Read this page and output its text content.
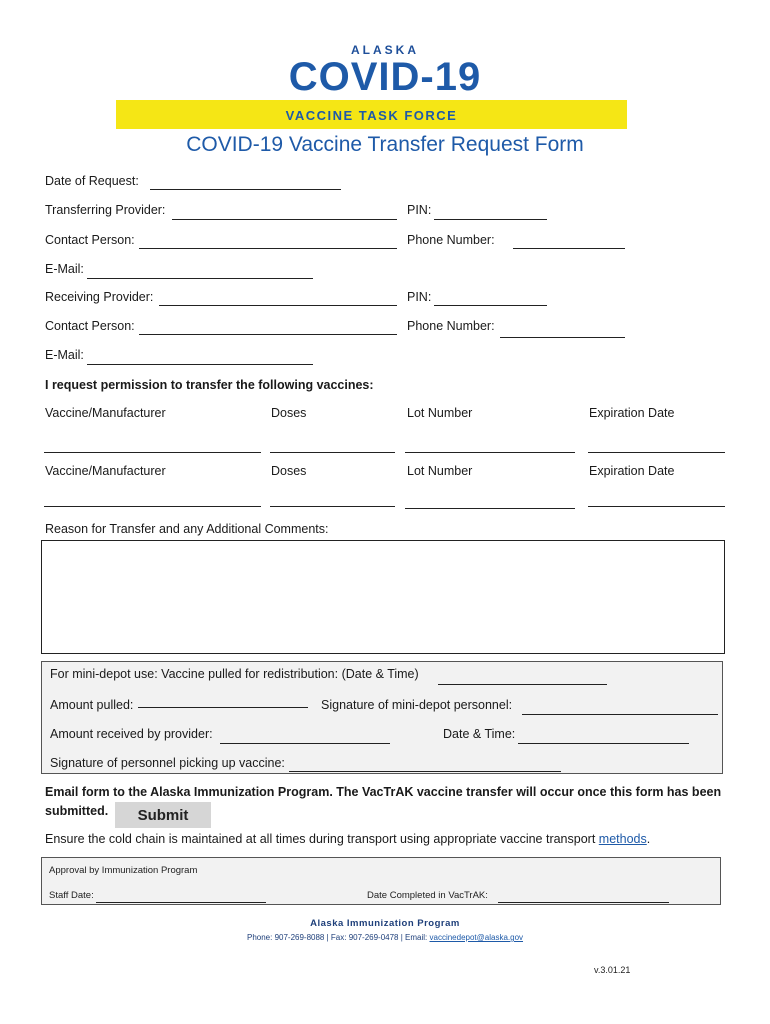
ALASKA
COVID-19
VACCINE TASK FORCE
COVID-19 Vaccine Transfer Request Form
Date of Request:
Transferring Provider:	PIN:
Contact Person:	Phone Number:
E-Mail:
Receiving Provider:	PIN:
Contact Person:	Phone Number:
E-Mail:
I request permission to transfer the following vaccines:
Vaccine/Manufacturer	Doses	Lot Number	Expiration Date
Vaccine/Manufacturer	Doses	Lot Number	Expiration Date
Reason for Transfer and any Additional Comments:
For mini-depot use: Vaccine pulled for redistribution: (Date & Time)
Amount pulled:	Signature of mini-depot personnel:
Amount received by provider:	Date & Time:
Signature of personnel picking up vaccine:
Email form to the Alaska Immunization Program. The VacTrAK vaccine transfer will occur once this form has been
submitted.	Submit
Ensure the cold chain is maintained at all times during transport using appropriate vaccine transport methods.
Approval by Immunization Program
Staff Date:	Date Completed in VacTrAK:
Alaska Immunization Program
Phone: 907-269-8088 | Fax: 907-269-0478 | Email: vaccinedepot@alaska.gov
v.3.01.21
